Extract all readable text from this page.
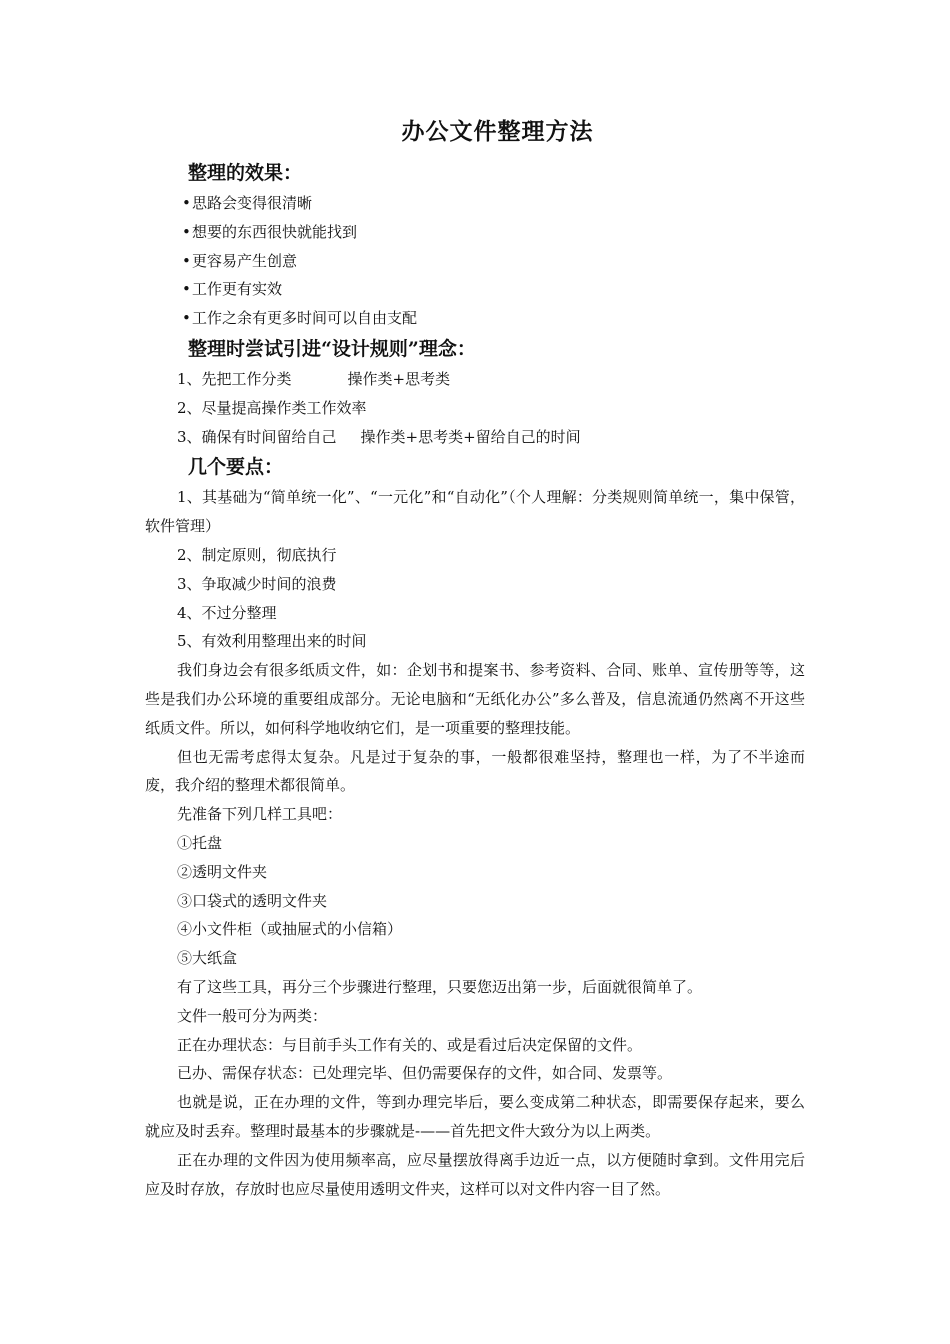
办公文件整理方法
整理的效果：
•思路会变得很清晰
•想要的东西很快就能找到
•更容易产生创意
•工作更有实效
•工作之余有更多时间可以自由支配
整理时尝试引进“设计规则”理念：
1、先把工作分类	操作类+思考类
2、尽量提高操作类工作效率
3、确保有时间留给自己 操作类+思考类+留给自己的时间
几个要点：

1、其基础为“简单统一化”、“一元化”和“自动化”（个人理解：分类规则简单统一，集中保管，软件管理）

2、制定原则，彻底执行
3、争取减少时间的浪费
4、不过分整理
5、有效利用整理出来的时间

我们身边会有很多纸质文件，如：企划书和提案书、参考资料、合同、账单、宣传册等等，这些是我们办公环境的重要组成部分。无论电脑和“无纸化办公”多么普及，信息流通仍然离不开这些纸质文件。所以，如何科学地收纳它们，是一项重要的整理技能。

但也无需考虑得太复杂。凡是过于复杂的事，一般都很难坚持，整理也一样，为了不半途而废，我介绍的整理术都很简单。

先准备下列几样工具吧：
①托盘
②透明文件夹
③口袋式的透明文件夹
④小文件柜（或抽屉式的小信箱）
⑤大纸盒

有了这些工具，再分三个步骤进行整理，只要您迈出第一步，后面就很简单了。

文件一般可分为两类：

正在办理状态：与目前手头工作有关的、或是看过后决定保留的文件。

已办、需保存状态：已处理完毕、但仍需要保存的文件，如合同、发票等。

也就是说，正在办理的文件，等到办理完毕后，要么变成第二种状态，即需要保存起来，要么就应及时丢弃。整理时最基本的步骤就是-——首先把文件大致分为以上两类。

正在办理的文件因为使用频率高，应尽量摆放得离手边近一点，以方便随时拿到。文件用完后应及时存放，存放时也应尽量使用透明文件夹，这样可以对文件内容一目了然。
